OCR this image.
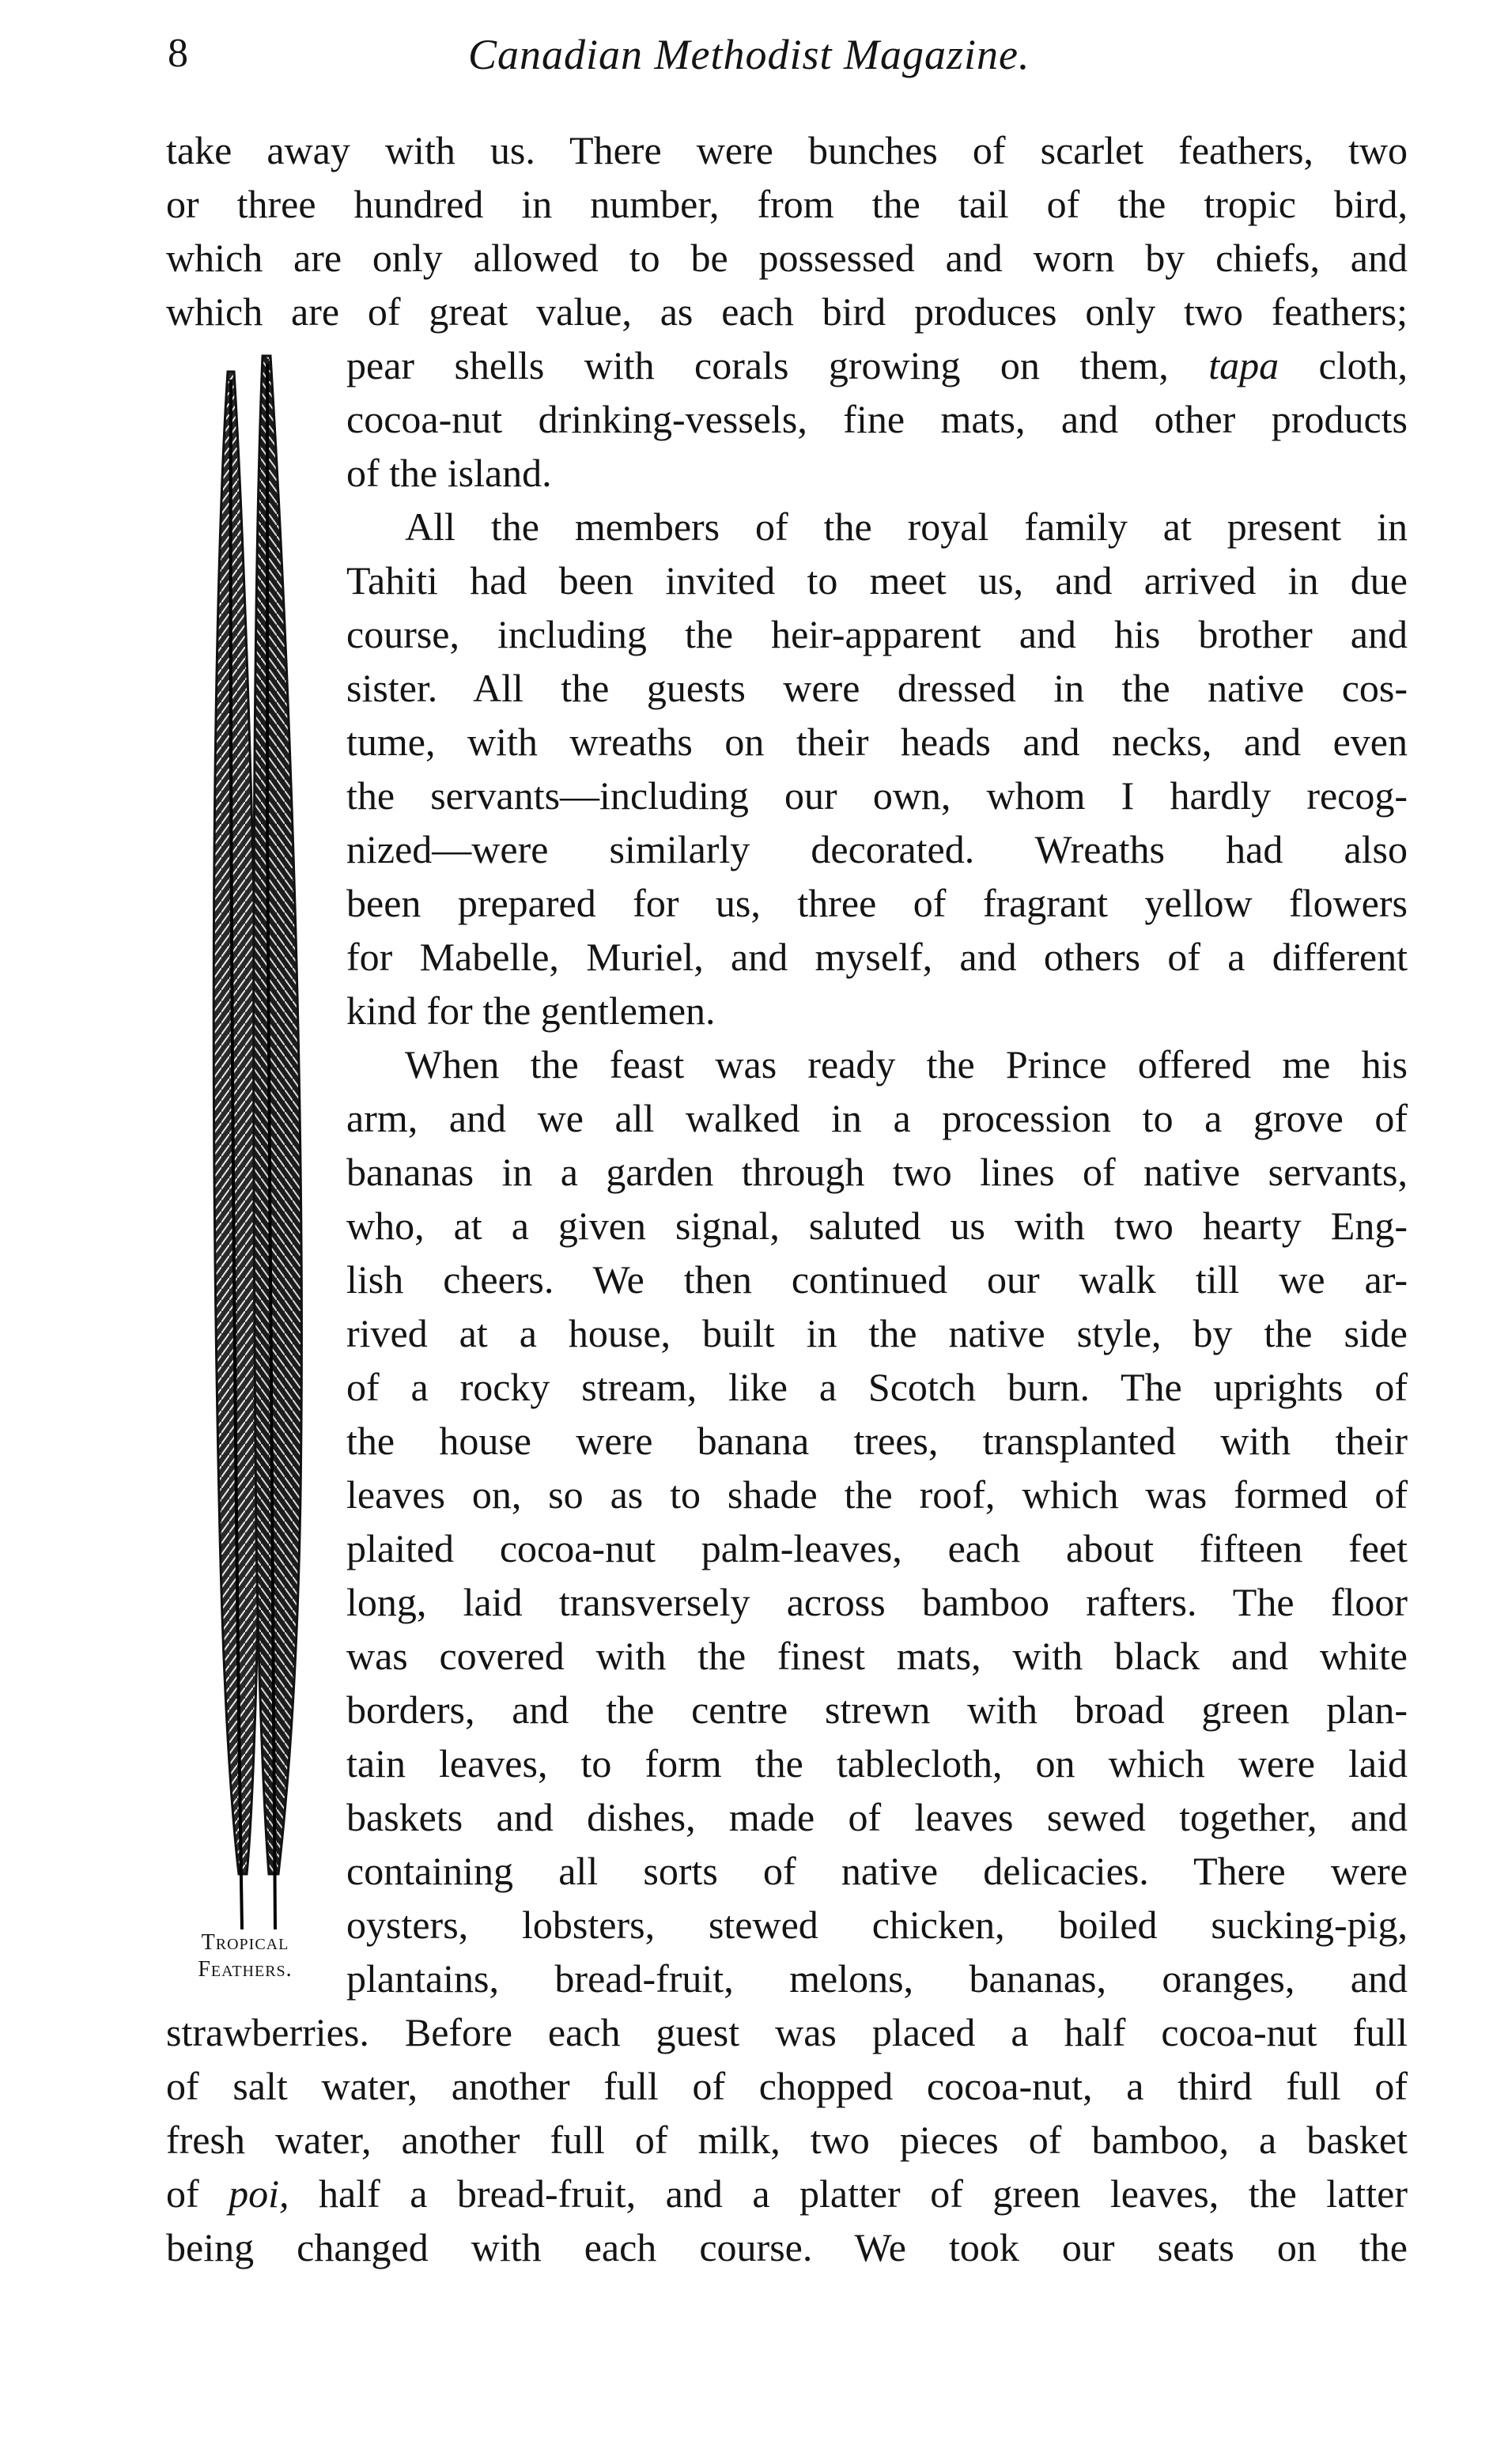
8	Canadian Methodist Magazine.
take away with us. There were bunches of scarlet feathers, two
or three hundred in number, from the tail of the tropic bird,
which are only allowed to be possessed and worn by chiefs, and
which are of great value, as each bird produces only two feathers;
pear shells with corals growing on them, tapa cloth,
cocoa-nut drinking-vessels, fine mats, and other products
of the island.
All the members of the royal family at present in
Tahiti had been invited to meet us, and arrived in due
course, including the heir-apparent and his brother and
sister. All the guests were dressed in the native cos-
tume, with wreaths on their heads and necks, and even
the servants—including our own, whom I hardly recog-
nized—were similarly decorated. Wreaths had also
been prepared for us, three of fragrant yellow flowers
for Mabelle, Muriel, and myself, and others of a different
kind for the gentlemen.
When the feast was ready the Prince offered me his
arm, and we all walked in a procession to a grove of
bananas in a garden through two lines of native servants,
who, at a given signal, saluted us with two hearty Eng-
lish cheers. We then continued our walk till we ar-
rived at a house, built in the native style, by the side
of a rocky stream, like a Scotch burn. The uprights of
the house were banana trees, transplanted with their
leaves on, so as to shade the roof, which was formed of
plaited cocoa-nut palm-leaves, each about fifteen feet
long, laid transversely across bamboo rafters. The floor
was covered with the finest mats, with black and white
borders, and the centre strewn with broad green plan-
tain leaves, to form the tablecloth, on which were laid
baskets and dishes, made of leaves sewed together, and
containing all sorts of native delicacies. There were
oysters, lobsters, stewed chicken, boiled sucking-pig,
plantains, bread-fruit, melons, bananas, oranges, and
strawberries. Before each guest was placed a half cocoa-nut full
of salt water, another full of chopped cocoa-nut, a third full of
fresh water, another full of milk, two pieces of bamboo, a basket
of poi, half a bread-fruit, and a platter of green leaves, the latter
being changed with each course. We took our seats on the
Tropical
Feathers.
